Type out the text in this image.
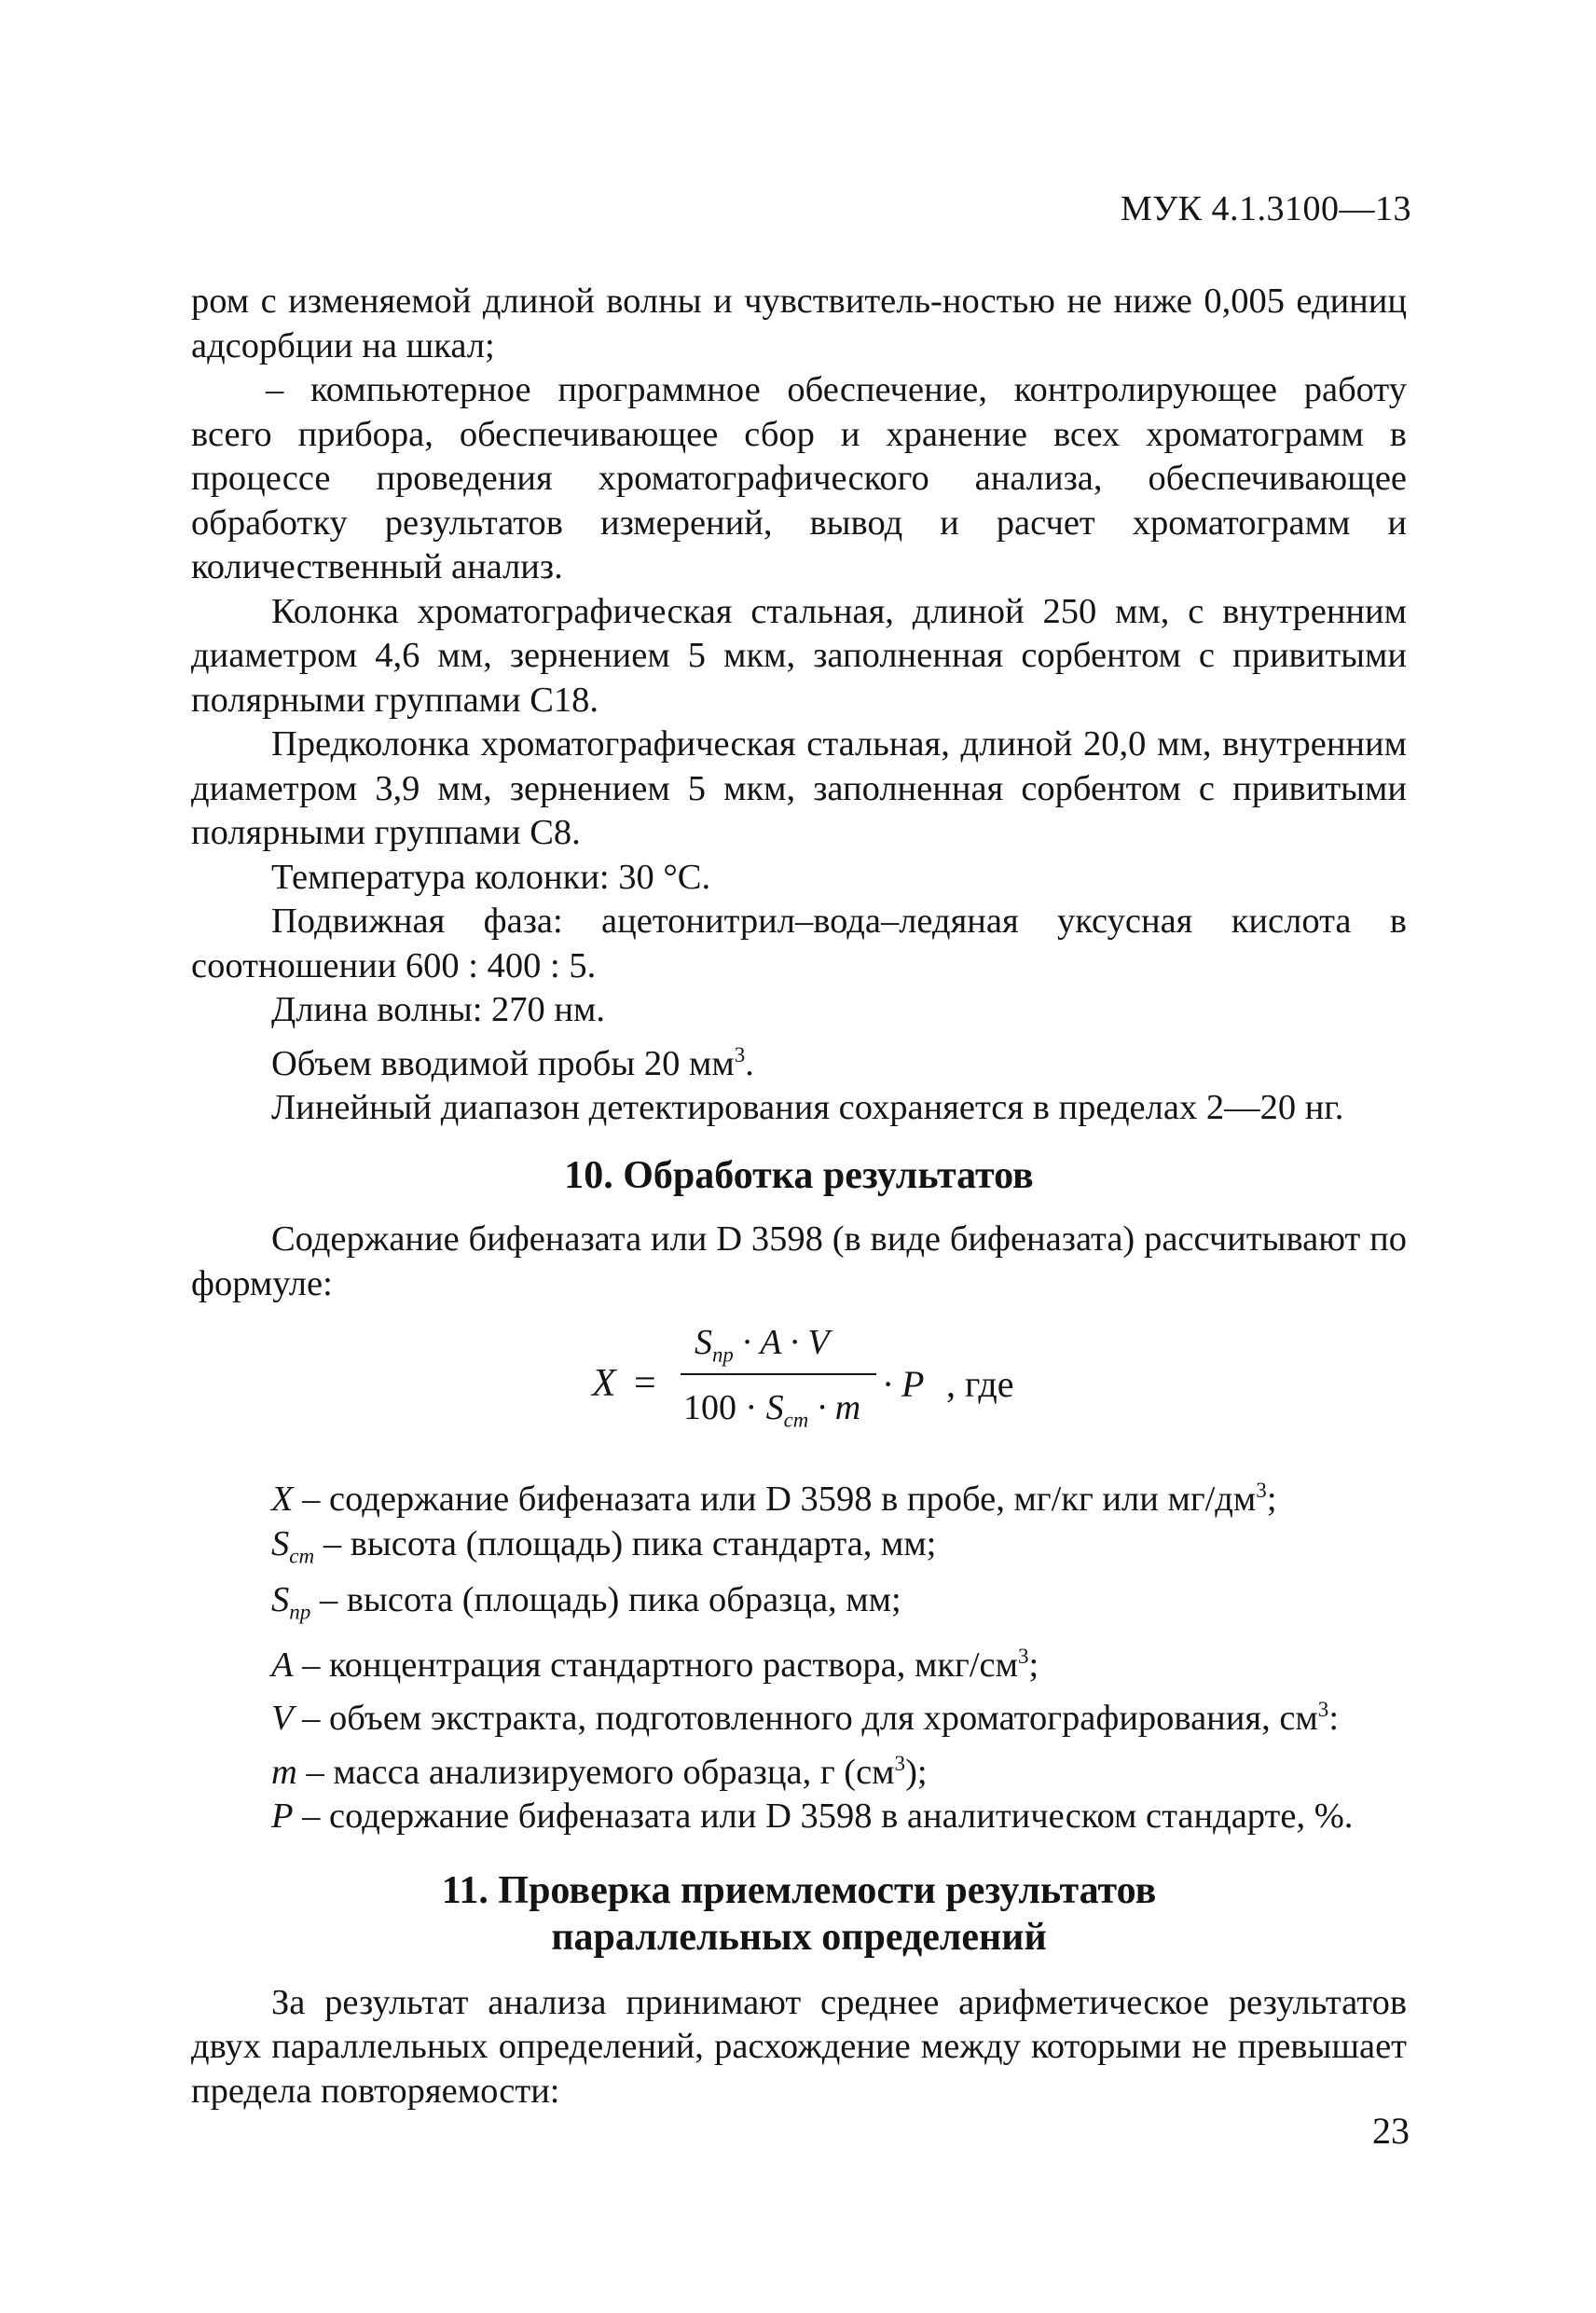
МУК 4.1.3100—13

ром с изменяемой длиной волны и чувствитель-ностью не ниже 0,005 единиц адсорбции на шкал;

– компьютерное программное обеспечение, контролирующее работу всего прибора, обеспечивающее сбор и хранение всех хроматограмм в процессе проведения хроматографического анализа, обеспечивающее обработку результатов измерений, вывод и расчет хроматограмм и количественный анализ.

Колонка хроматографическая стальная, длиной 250 мм, с внутренним диаметром 4,6 мм, зернением 5 мкм, заполненная сорбентом с привитыми полярными группами С18.

Предколонка хроматографическая стальная, длиной 20,0 мм, внутренним диаметром 3,9 мм, зернением 5 мкм, заполненная сорбентом с привитыми полярными группами С8.

Температура колонки: 30 °С.

Подвижная фаза: ацетонитрил–вода–ледяная уксусная кислота в соотношении 600 : 400 : 5.

Длина волны: 270 нм.

Объем вводимой пробы 20 $мм^3$.

Линейный диапазон детектирования сохраняется в пределах 2—20 нг.

10. Обработка результатов

Содержание бифеназата или D 3598 (в виде бифеназата) рассчитывают по формуле:

X =
$S_{пр} \cdot A \cdot V$
$100 \cdot S_{ст} \cdot m$
· P , где

X – содержание бифеназата или D 3598 в пробе, мг/кг или $мг/дм^3$;

$S_{ст}$ – высота (площадь) пика стандарта, мм;

$S_{пр}$ – высота (площадь) пика образца, мм;

A – концентрация стандартного раствора, мкг/$см^3$;

V – объем экстракта, подготовленного для хроматографирования, $см^3$:

m – масса анализируемого образца, г $(см^3)$;

P – содержание бифеназата или D 3598 в аналитическом стандарте, %.

11. Проверка приемлемости результатов
параллельных определений

За результат анализа принимают среднее арифметическое результатов двух параллельных определений, расхождение между которыми не превышает предела повторяемости:

23
